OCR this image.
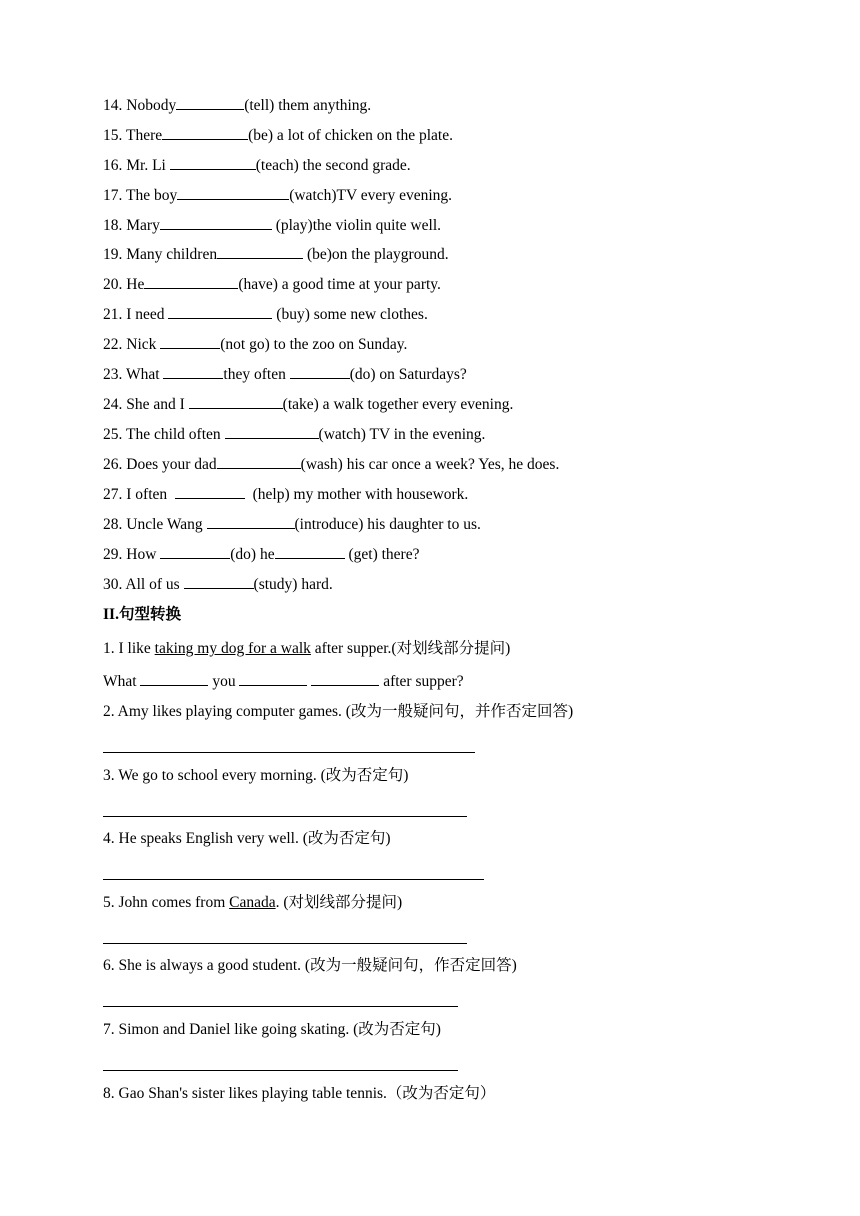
14. Nobody	(tell) them anything.
15. There	(be) a lot of chicken on the plate.
16. Mr. Li	(teach) the second grade.
17. The boy	(watch)TV every evening.
18. Mary	(play)the violin quite well.
19. Many children	(be)on the playground.
20. He	(have) a good time at your party.
21. I need	(buy) some new clothes.
22. Nick	(not go) to the zoo on Sunday.
23. What	they often	(do) on Saturdays?
24. She and I	(take) a walk together every evening.
25. The child often	(watch) TV in the evening.
26. Does your dad	(wash) his car once a week? Yes, he does.
27. I often	(help) my mother with housework.
28. Uncle Wang	(introduce) his daughter to us.
29. How	(do) he	(get) there?
30. All of us	(study) hard.
II.句型转换
1. I like taking my dog for a walk after supper.(对划线部分提问)
What	you	after supper?
2. Amy likes playing computer games. (改为一般疑问句，并作否定回答)
3. We go to school every morning. (改为否定句)
4. He speaks English very well. (改为否定句)
5. John comes from Canada. (对划线部分提问)
6. She is always a good student. (改为一般疑问句，作否定回答)
7. Simon and Daniel like going skating. (改为否定句)
8. Gao Shan's sister likes playing table tennis.（改为否定句）
